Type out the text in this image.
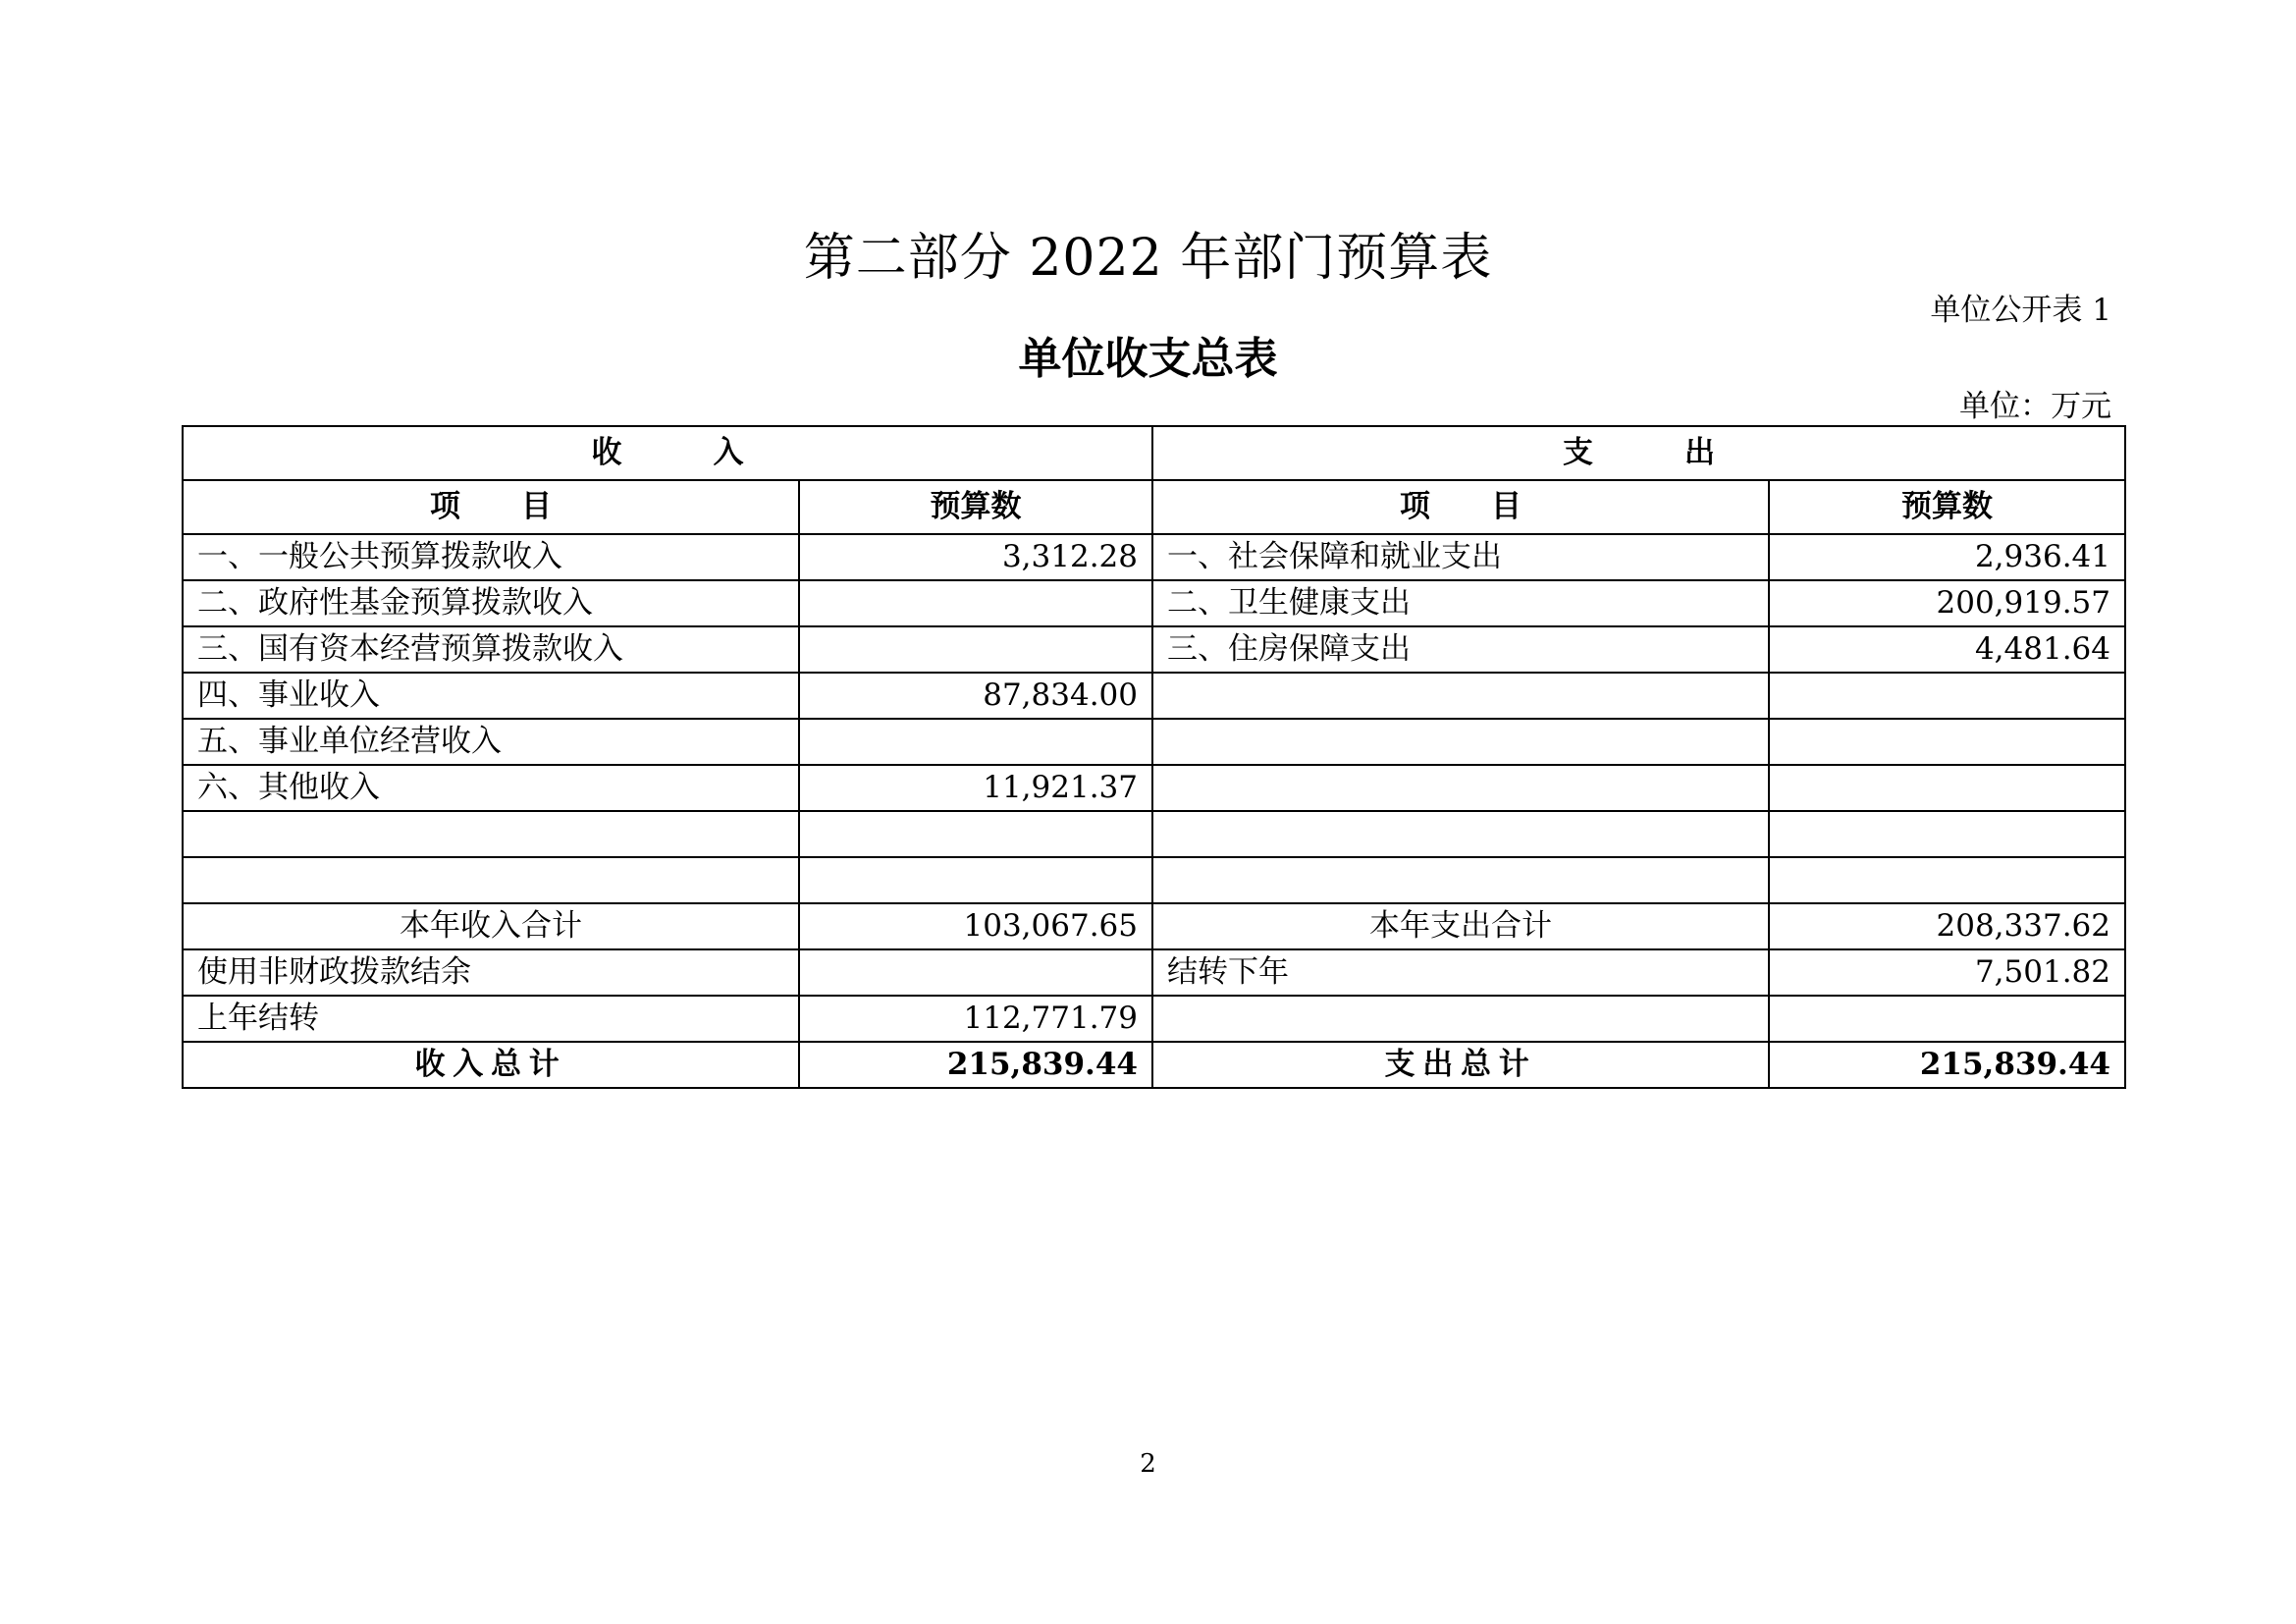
第二部分 2022 年部门预算表
单位公开表 1
单位收支总表
单位：万元
收　　　入		支　　　出	
项　　目	预算数	项　　目	预算数
一、一般公共预算拨款收入	3,312.28	一、社会保障和就业支出	2,936.41
二、政府性基金预算拨款收入		二、卫生健康支出	200,919.57
三、国有资本经营预算拨款收入		三、住房保障支出	4,481.64
四、事业收入	87,834.00		
五、事业单位经营收入			
六、其他收入	11,921.37		

本年收入合计	103,067.65	本年支出合计	208,337.62
使用非财政拨款结余		结转下年	7,501.82
上年结转	112,771.79		
收入总计	215,839.44	支出总计	215,839.44
2
